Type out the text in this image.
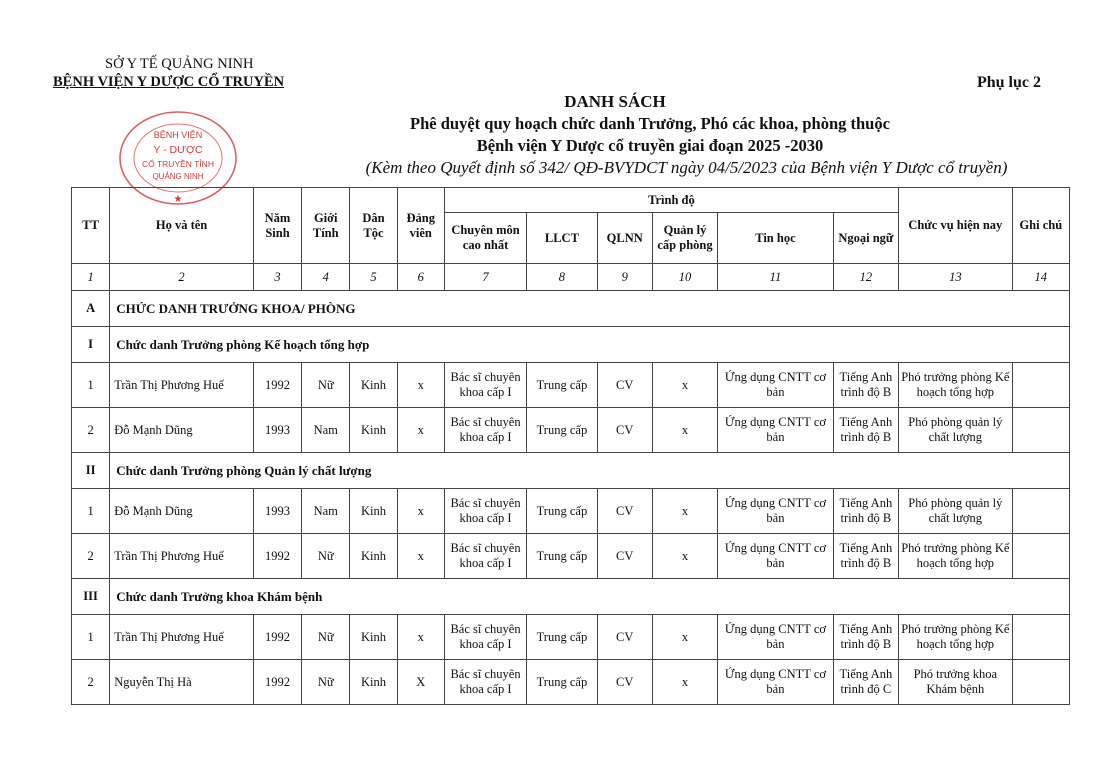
SỞ Y TẾ QUẢNG NINH
BỆNH VIỆN Y DƯỢC CỔ TRUYỀN	Phụ lục 2
DANH SÁCH
Phê duyệt quy hoạch chức danh Trưởng, Phó các khoa, phòng thuộc
Bệnh viện Y Dược cổ truyền giai đoạn 2025 -2030
(Kèm theo Quyết định số 342/ QĐ-BVYDCT ngày 04/5/2023 của Bệnh viện Y Dược cổ truyền)
BỆNH VIỆN
Y - DƯỢC
CỔ TRUYỀN TỈNH
QUẢNG NINH
★
TT	Họ và tên	Năm Sinh	Giới Tính	Dân Tộc	Đảng viên	Trình độ						Chức vụ hiện nay	Ghi chú
						Chuyên môn cao nhất	LLCT	QLNN	Quản lý cấp phòng	Tin học	Ngoại ngữ		
1	2	3	4	5	6	7	8	9	10	11	12	13	14
A	CHỨC DANH TRƯỞNG KHOA/ PHÒNG												
I	Chức danh Trưởng phòng Kế hoạch tổng hợp												
1	Trần Thị Phương Huế	1992	Nữ	Kinh	x	Bác sĩ chuyên khoa cấp I	Trung cấp	CV	x	Ứng dụng CNTT cơ bản	Tiếng Anh trình độ B	Phó trưởng phòng Kế hoạch tổng hợp	
2	Đỗ Mạnh Dũng	1993	Nam	Kinh	x	Bác sĩ chuyên khoa cấp I	Trung cấp	CV	x	Ứng dụng CNTT cơ bản	Tiếng Anh trình độ B	Phó phòng quản lý chất lượng	
II	Chức danh Trưởng phòng Quản lý chất lượng												
1	Đỗ Mạnh Dũng	1993	Nam	Kinh	x	Bác sĩ chuyên khoa cấp I	Trung cấp	CV	x	Ứng dụng CNTT cơ bản	Tiếng Anh trình độ B	Phó phòng quản lý chất lượng	
2	Trần Thị Phương Huế	1992	Nữ	Kinh	x	Bác sĩ chuyên khoa cấp I	Trung cấp	CV	x	Ứng dụng CNTT cơ bản	Tiếng Anh trình độ B	Phó trưởng phòng Kế hoạch tổng hợp	
III	Chức danh Trưởng khoa Khám bệnh												
1	Trần Thị Phương Huế	1992	Nữ	Kinh	x	Bác sĩ chuyên khoa cấp I	Trung cấp	CV	x	Ứng dụng CNTT cơ bản	Tiếng Anh trình độ B	Phó trưởng phòng Kế hoạch tổng hợp	
2	Nguyễn Thị Hà	1992	Nữ	Kinh	X	Bác sĩ chuyên khoa cấp I	Trung cấp	CV	x	Ứng dụng CNTT cơ bản	Tiếng Anh trình độ C	Phó trưởng khoa Khám bệnh	
